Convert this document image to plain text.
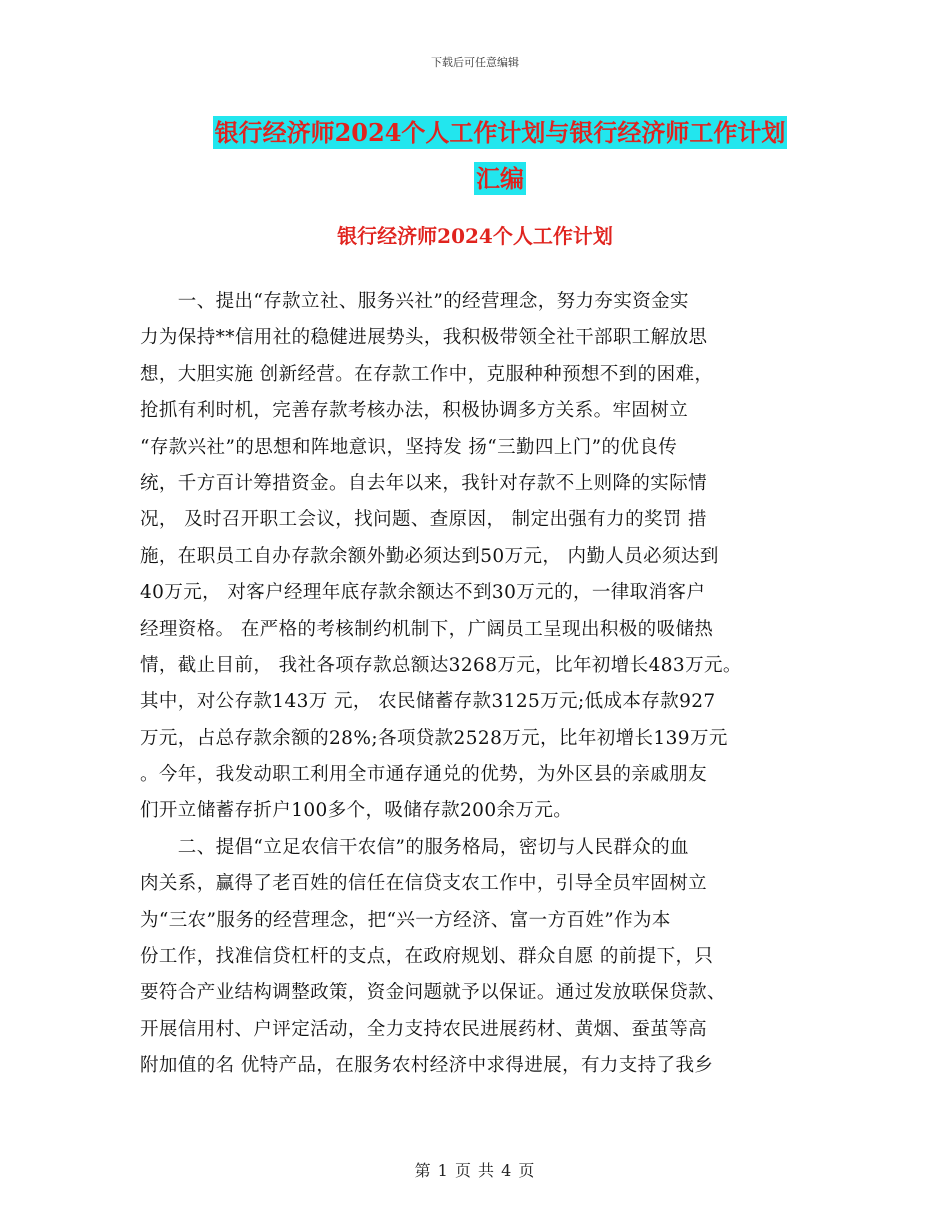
下载后可任意编辑
银行经济师2024个人工作计划与银行经济师工作计划
汇编
银行经济师2024个人工作计划
　　一、提出“存款立社、服务兴社”的经营理念，努力夯实资金实
力为保持**信用社的稳健进展势头，我积极带领全社干部职工解放思
想，大胆实施 创新经营。在存款工作中，克服种种预想不到的困难，
抢抓有利时机，完善存款考核办法，积极协调多方关系。牢固树立
“存款兴社”的思想和阵地意识，坚持发 扬“三勤四上门”的优良传
统，千方百计筹措资金。自去年以来，我针对存款不上则降的实际情
况， 及时召开职工会议，找问题、查原因， 制定出强有力的奖罚 措
施，在职员工自办存款余额外勤必须达到50万元， 内勤人员必须达到
40万元， 对客户经理年底存款余额达不到30万元的，一律取消客户
经理资格。 在严格的考核制约机制下，广阔员工呈现出积极的吸储热
情，截止目前， 我社各项存款总额达3268万元，比年初增长483万元。
其中，对公存款143万 元， 农民储蓄存款3125万元;低成本存款927
万元，占总存款余额的28%;各项贷款2528万元，比年初增长139万元
。今年，我发动职工利用全市通存通兑的优势，为外区县的亲戚朋友
们开立储蓄存折户100多个，吸储存款200余万元。
　　二、提倡“立足农信干农信”的服务格局，密切与人民群众的血
肉关系，赢得了老百姓的信任在信贷支农工作中，引导全员牢固树立
为“三农”服务的经营理念，把“兴一方经济、富一方百姓”作为本
份工作，找准信贷杠杆的支点，在政府规划、群众自愿 的前提下，只
要符合产业结构调整政策，资金问题就予以保证。通过发放联保贷款、
开展信用村、户评定活动，全力支持农民进展药材、黄烟、蚕茧等高
附加值的名 优特产品，在服务农村经济中求得进展，有力支持了我乡
第 1 页 共 4 页
